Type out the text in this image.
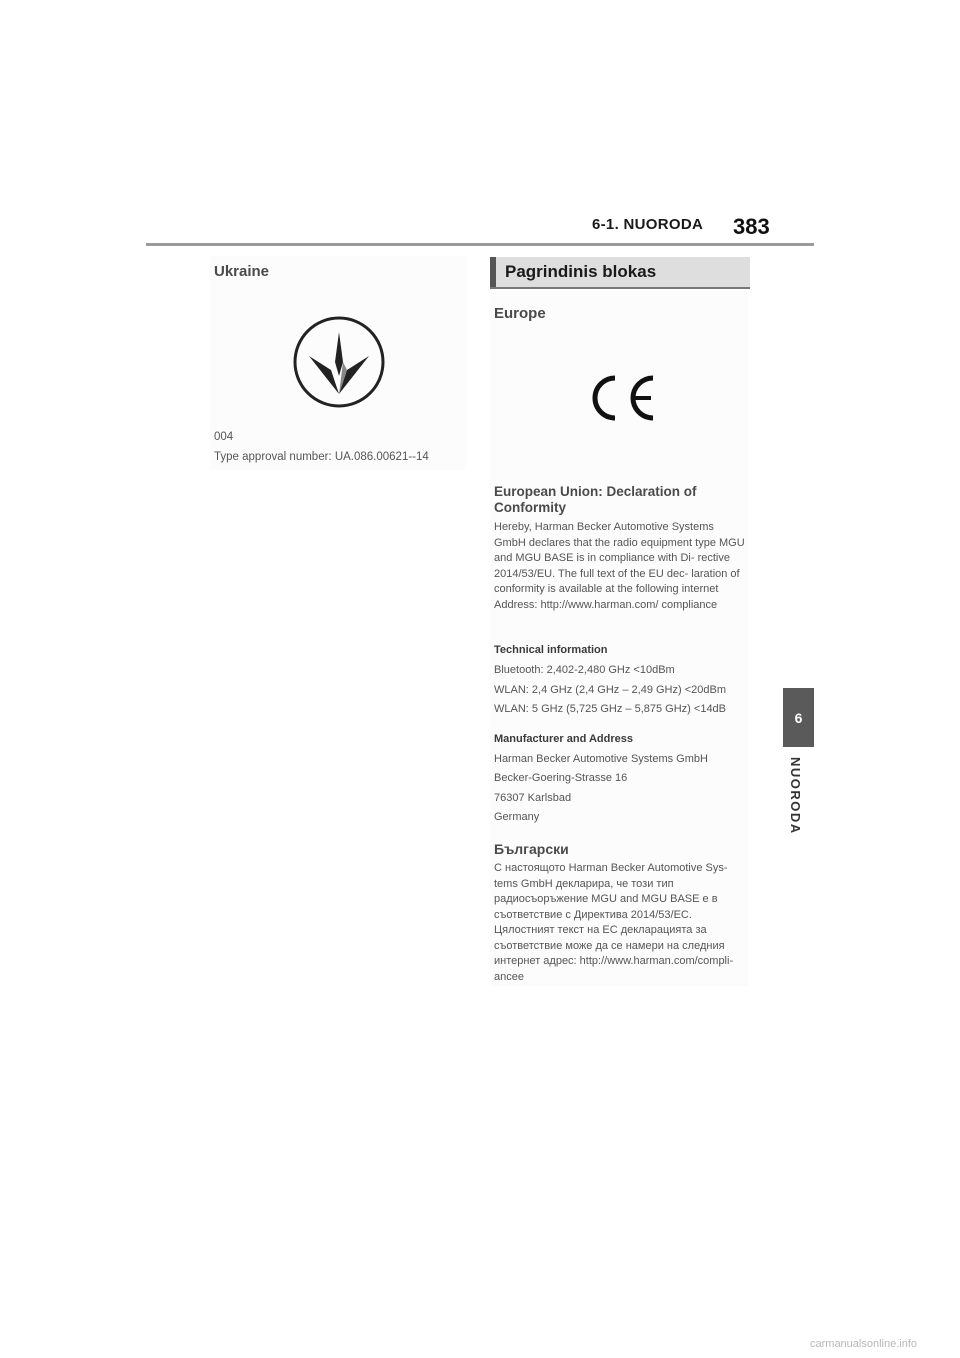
6-1. NUORODA 383
6
NUORODA
Ukraine
004
Type approval number: UA.086.00621--14
Pagrindinis blokas
Europe
European Union: Declaration of Conformity
Hereby, Harman Becker Automotive Systems GmbH declares that the radio equipment type MGU and MGU BASE is in compliance with Di- rective 2014/53/EU. The full text of the EU dec- laration of conformity is available at the following internet Address: http://www.harman.com/ compliance
Technical information
Bluetooth: 2,402-2,480 GHz <10dBm
WLAN: 2,4 GHz (2,4 GHz – 2,49 GHz) <20dBm
WLAN: 5 GHz (5,725 GHz – 5,875 GHz) <14dB
Manufacturer and Address
Harman Becker Automotive Systems GmbH
Becker-Goering-Strasse 16
76307 Karlsbad
Germany
Български
С настоящото Harman Becker Automotive Sys- tems GmbH декларира, че този тип радиосъоръжение MGU and MGU BASE е в съответствие с Директива 2014/53/ЕС. Цялостният текст на ЕС декларацията за съответствие може да се намери на следния интернет адрес: http://www.harman.com/compli- ancee
carmanualsonline.info
